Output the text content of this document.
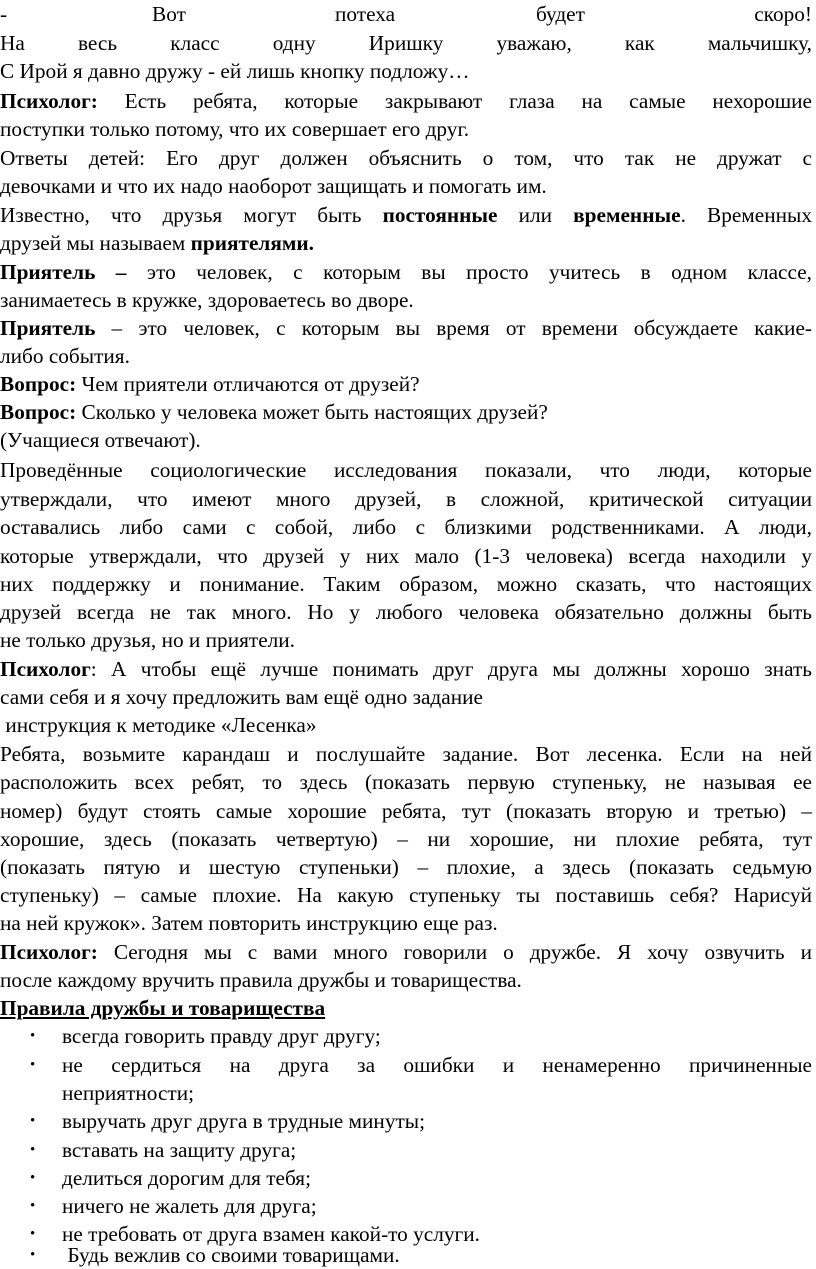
-	Вот	потеха	будет	скоро!
На весь класс одну Иришку уважаю, как мальчишку,
С Ирой я давно дружу - ей лишь кнопку подложу…
Психолог: Есть ребята, которые закрывают глаза на самые нехорошие
поступки только потому, что их совершает его друг.
Ответы детей: Его друг должен объяснить о том, что так не дружат с
девочками и что их надо наоборот защищать и помогать им.
Известно, что друзья могут быть постоянные или временные. Временных
друзей мы называем приятелями.
Приятель – это человек, с которым вы просто учитесь в одном классе,
занимаетесь в кружке, здороваетесь во дворе.
Приятель – это человек, с которым вы время от времени обсуждаете какие-
либо события.
Вопрос: Чем приятели отличаются от друзей?
Вопрос: Сколько у человека может быть настоящих друзей?
(Учащиеся отвечают).
Проведённые социологические исследования показали, что люди, которые
утверждали, что имеют много друзей, в сложной, критической ситуации
оставались либо сами с собой, либо с близкими родственниками. А люди,
которые утверждали, что друзей у них мало (1-3 человека) всегда находили у
них поддержку и понимание. Таким образом, можно сказать, что настоящих
друзей всегда не так много. Но у любого человека обязательно должны быть
не только друзья, но и приятели.
Психолог: А чтобы ещё лучше понимать друг друга мы должны хорошо знать
сами себя и я хочу предложить вам ещё одно задание
инструкция к методике «Лесенка»
Ребята, возьмите карандаш и послушайте задание. Вот лесенка. Если на ней
расположить всех ребят, то здесь (показать первую ступеньку, не называя ее
номер) будут стоять самые хорошие ребята, тут (показать вторую и третью) –
хорошие, здесь (показать четвертую) – ни хорошие, ни плохие ребята, тут
(показать пятую и шестую ступеньки) – плохие, а здесь (показать седьмую
ступеньку) – самые плохие. На какую ступеньку ты поставишь себя? Нарисуй
на ней кружок». Затем повторить инструкцию еще раз.
Психолог: Сегодня мы с вами много говорили о дружбе. Я хочу озвучить и
после каждому вручить правила дружбы и товарищества.
Правила дружбы и товарищества
• всегда говорить правду друг другу;
• не сердиться на друга за ошибки и ненамеренно причиненные
неприятности;
• выручать друг друга в трудные минуты;
• вставать на защиту друга;
• делиться дорогим для тебя;
• ничего не жалеть для друга;
• не требовать от друга взамен какой-то услуги.
• Будь вежлив со своими товарищами.
